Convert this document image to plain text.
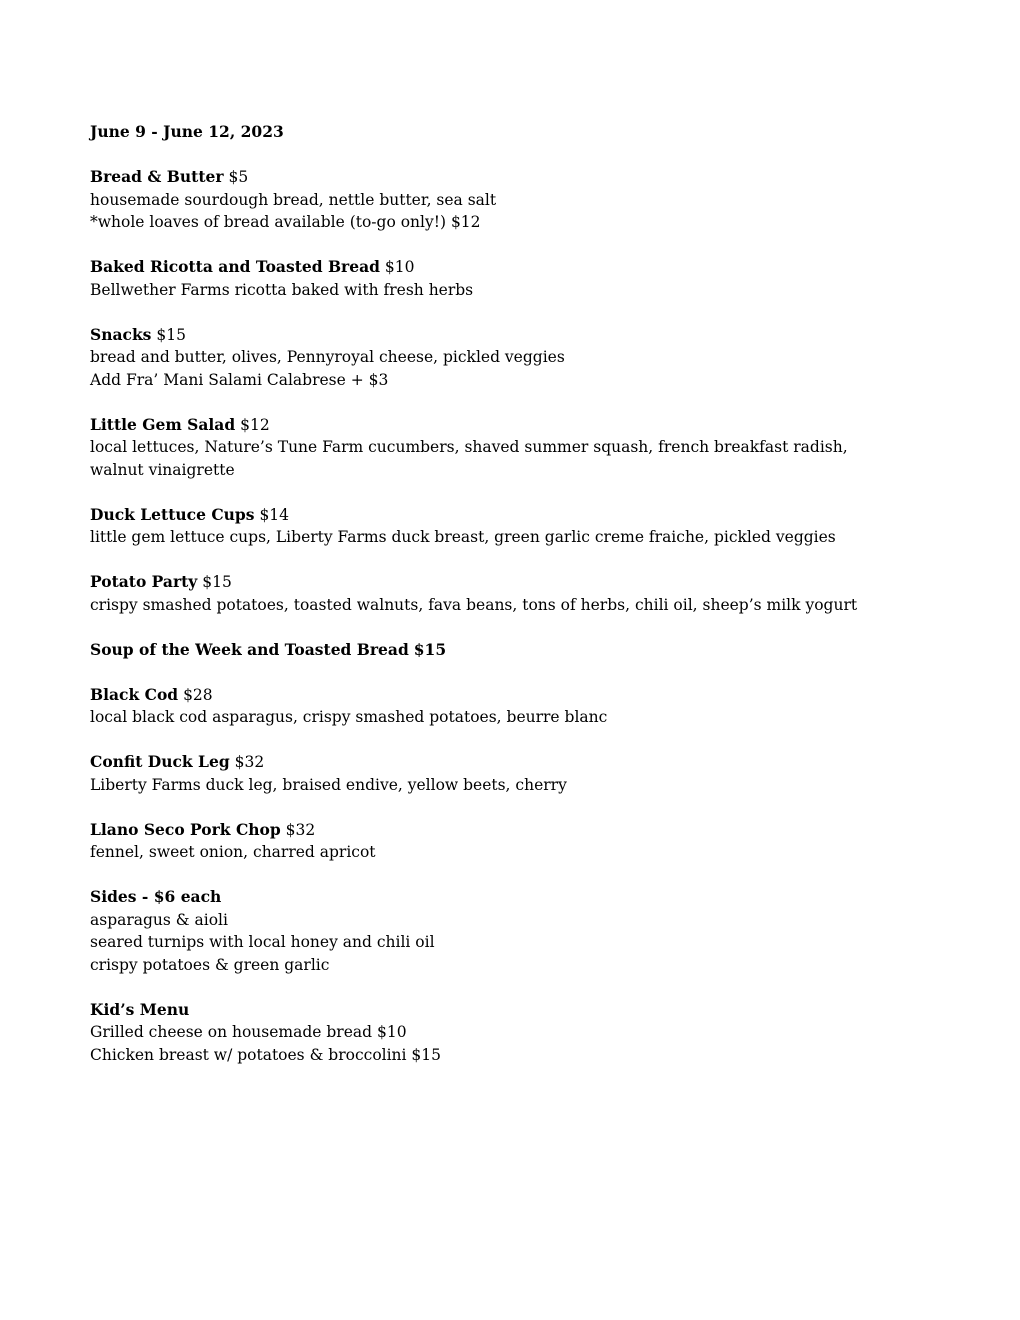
June 9 - June 12, 2023
Bread & Butter $5
housemade sourdough bread, nettle butter, sea salt
*whole loaves of bread available (to-go only!) $12
Baked Ricotta and Toasted Bread $10
Bellwether Farms ricotta baked with fresh herbs
Snacks $15
bread and butter, olives, Pennyroyal cheese, pickled veggies
Add Fra’ Mani Salami Calabrese + $3
Little Gem Salad $12
local lettuces, Nature’s Tune Farm cucumbers, shaved summer squash, french breakfast radish,
walnut vinaigrette
Duck Lettuce Cups $14
little gem lettuce cups, Liberty Farms duck breast, green garlic creme fraiche, pickled veggies
Potato Party $15
crispy smashed potatoes, toasted walnuts, fava beans, tons of herbs, chili oil, sheep’s milk yogurt
Soup of the Week and Toasted Bread $15
Black Cod $28
local black cod asparagus, crispy smashed potatoes, beurre blanc
Confit Duck Leg $32
Liberty Farms duck leg, braised endive, yellow beets, cherry
Llano Seco Pork Chop $32
fennel, sweet onion, charred apricot
Sides - $6 each
asparagus & aioli
seared turnips with local honey and chili oil
crispy potatoes & green garlic
Kid’s Menu
Grilled cheese on housemade bread $10
Chicken breast w/ potatoes & broccolini $15
